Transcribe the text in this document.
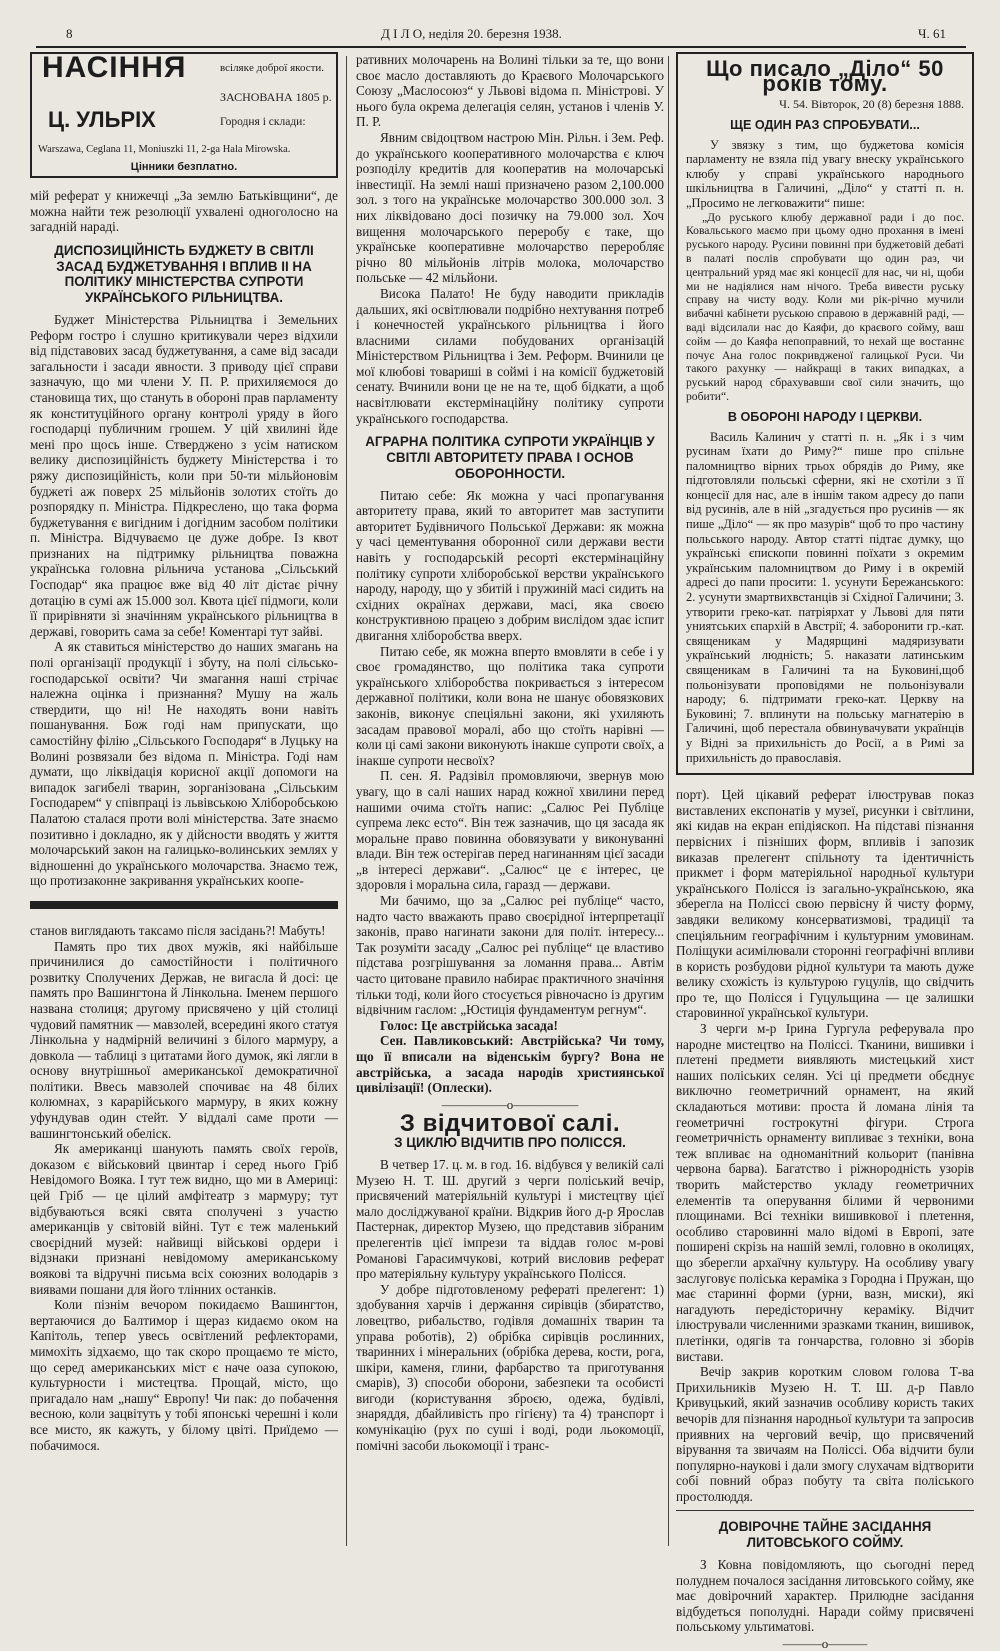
8	Д І Л О, неділя 20. березня 1938.	Ч. 61
НАСІННЯ	всілякe доброї якости.
ЗАСНОВАНА 1805 р.
Ц. УЛЬРІХ	Городня і склади:
Warszawa, Ceglana 11, Moniuszki 11, 2-ga Hala Mirowska.
Цінники безплатно.

мій реферат у книжечці „За землю Батьківщини“, де можна найти теж резолюції ухвалені одноголосно на загадній нараді.

ДИСПОЗИЦІЙНІСТЬ БУДЖЕТУ В СВІТЛІ ЗАСАД БУДЖЕТУВАННЯ І ВПЛИВ II НА ПОЛІТИКУ МІНІСТЕРСТВА СУПРОТИ УКРАЇНСЬКОГО РІЛЬНИЦТВА.

Буджет Міністерства Рільництва і Земельних Реформ гостро і слушно критикували через відхили від підставових засад буджетування, а саме від засади загальности і засади явности. З приводу цієї справи зазначую, що ми члени У. П. Р. прихиляємося до становища тих, що стануть в обороні прав парламенту як конституційного органу контролі уряду в його господарці публичним грошем. У цій хвилині йде мені про щось інше. Стверджено з усім натиском велику диспозиційність буджету Міністерства і то ряжу диспозиційність, коли при 50-ти мільйоновім буджеті аж поверх 25 мільйонів золотих стоїть до розпорядку п. Міністра. Підкреслено, що така форма буджетування є вигідним і догідним засобом політики п. Міністра. Відчуваємо це дуже добре. Із квот признаних на підтримку рільництва поважна українська головна рільнича установа „Сільський Господар“ яка працює вже від 40 літ дістає річну дотацію в сумі аж 15.000 зол. Квота цієї підмоги, коли її прирівняти зі значінням українського рільництва в державі, говорить сама за себе! Коментарі тут зайві.

А як ставиться міністерство до наших змагань на полі організації продукції і збуту, на полі сільсько-господарської освіти? Чи змагання наші стрічає належна оцінка і признання? Мушу на жаль ствердити, що ні! Не находять вони навіть пошанування. Бож годі нам припускати, що самостійну філію „Сільського Господаря“ в Луцьку на Волині розвязали без відома п. Міністра. Годі нам думати, що ліквідація корисної акції допомоги на випадок загибелі тварин, зорганізована „Сільським Господарем“ у співпраці із львівською Хліборобською Палатою сталася проти волі міністерства. Зате знаємо позитивно і докладно, як у дійсности вводять у життя молочарський закон на галицько-волинських землях у відношенні до українського молочарства. Знаємо теж, що протизаконне закривання українських коопе-

станов виглядають таксамо після засідань?! Мабуть!

Память про тих двох мужів, які найбільше причинилися до самостійности і політичного розвитку Сполучених Держав, не вигасла й досі: це память про Вашингтона й Лінкольна. Іменем першого названа столиця; другому присвячено у цій столиці чудовий памятник — мавзолей, всередині якого статуя Лінкольна у надмірній величині з білого мармуру, а довкола — таблиці з цитатами його думок, які лягли в основу внутрішньої американської демократичної політики. Ввесь мавзолей спочиває на 48 білих колюмнах, з карарійського мармуру, в яких кожну уфундував один стейт. У віддалі саме проти — вашингтонський обеліск.

Як американці шанують память своїх героїв, доказом є військовий цвинтар і серед нього Гріб Невідомого Вояка. І тут теж видно, що ми в Америці: цей Гріб — це цілий амфітеатр з мармуру; тут відбуваються всякі свята сполучені з участю американців у світовій війні. Тут є теж маленький своєрідний музей: найвищі військові ордери і відзнаки признані невідомому американському воякові та відручні письма всіх союзних володарів з виявами пошани для його тлінних останків.

Коли пізнім вечором покидаємо Вашингтон, вертаючися до Балтимор і щераз кидаємо оком на Капітоль, тепер увесь освітлений рефлекторами, мимохіть зідхаємо, що так скоро прощаємо те місто, що серед американських міст є наче оаза супокою, культурности і мистецтва. Прощай, місто, що пригадало нам „нашу“ Европу! Чи пак: до побачення весною, коли зацвітуть у тобі японські черешні і коли все мисто, як кажуть, у білому цвіті. Приїдемо — побачимося.

ративних молочарень на Волині тільки за те, що вони своє масло доставляють до Краєвого Молочарського Союзу „Маслосоюз“ у Львові відома п. Міністрові. У нього була окрема делегація селян, установ і членів У. П. Р.

Явним свідоцтвом настрою Мін. Рільн. і Зем. Реф. до українського кооперативного молочарства є ключ розподілу кредитів для кооператив на молочарські інвестиції. На землі наші призначено разом 2,100.000 зол. з того на українське молочарство 300.000 зол. З них ліквідовано досі позичку на 79.000 зол. Хоч вищення молочарського переробу є таке, що українське кооперативне молочарство переробляє річно 80 мільйонів літрів молока, молочарство польське — 42 мільйони.

Висока Палато! Не буду наводити прикладів дальших, які освітлювали подрібно нехтування потреб і конечностей українського рільництва і його власними силами побудованих організацій Міністерством Рільництва і Зем. Реформ. Вчинили це мої клюбові товариші в соймі і на комісії буджетовій сенату. Вчинили вони це не на те, щоб бідкати, а щоб насвітлювати екстермінаційну політику супроти українського господарства.

АГРАРНА ПОЛІТИКА СУПРОТИ УКРАЇНЦІВ У СВІТЛІ АВТОРИТЕТУ ПРАВА І ОСНОВ ОБОРОННОСТИ.

Питаю себе: Як можна у часі пропагування авторитету права, який то авторитет мав заступити авторитет Будівничого Польської Держави: як можна у часі цементування оборонної сили держави вести навіть у господарській ресорті екстермінаційну політику супроти хліборобської верстви українського народу, народу, що у збитій і пружиній масі сидить на східних окраїнах держави, масі, яка своєю конструктивною працею з добрим вислідом здає іспит двигання хліборобства вверх.

Питаю себе, як можна вперто вмовляти в себе і у своє громадянство, що політика така супроти українського хліборобства покривається з інтересом державної політики, коли вона не шанує обовязкових законів, виконує спеціяльні закони, які ухиляють засадам правової моралі, або що стоїть нарівні — коли ці самі закони виконують інакше супроти своїх, а інакше супроти несвоїх?

П. сен. Я. Радзівіл промовляючи, звернув мою увагу, що в салі наших нарад кожної хвилини перед нашими очима стоїть напис: „Салюс Реі Публіце супрема лекс есто“. Він теж зазначив, що ця засада як моральне право повинна обовязувати у виконуванні влади. Він теж остерігав перед нагинанням цієї засади „в інтересі держави“. „Салюс“ це є інтерес, це здоровля і моральна сила, гаразд — держави.

Ми бачимо, що за „Салюс реі публіце“ часто, надто часто вважають право своєрідної інтерпретації законів, право нагинати закони для політ. інтересу... Так розуміти засаду „Салюс реі публіце“ це властиво підстава розгрішування за ломання права... Автім часто цитоване правило набирає практичного значіння тільки тоді, коли його стосується рівночасно із другим відвічним гаслом: „Юстиція фундаментум регнум“.

Голос: Це австрійська засада!

Сен. Павликовський: Австрійська? Чи тому, що її вписали на віденськім бургу? Вона не австрійська, а засада народів християнської цивілізації! (Оплески).

—————о—————
З відчитової салі.
З ЦИКЛЮ ВІДЧИТІВ ПРО ПОЛІССЯ.

В четвер 17. ц. м. в год. 16. відбувся у великій салі Музею Н. Т. Ш. другий з черги полiський вечір, присвячений матеріяльній культурі і мистецтву цієї мало досліджуваної країни. Відкрив його д-р Ярослав Пастернак, директор Музею, що представив зібраним прелегентів цієї імпрези та віддав голос м-рові Романові Гарасимчукові, котрий висловив реферат про матеріяльну культуру українського Полісся.

У добре підготовленому рефераті прелегент: 1) здобування харчів і держання сирівців (збиратство, ловецтво, рибальство, годівля домашніх тварин та управа роботів), 2) обрібка сирівців рослинних, тваринних і мінеральних (обрібка дерева, кости, рога, шкіри, каменя, глини, фарбарство та приготування смарів), 3) способи оборони, забезпеки та особисті вигоди (користування зброєю, одежа, будівлі, знаряддя, дбайливість про гігієну) та 4) транспорт і комунікацію (рух по суші і воді, роди льокомоції, помічні засоби льокомоції і транс-

Що писало „Діло“ 50 років тому.
Ч. 54. Вівторок, 20 (8) березня 1888.
ЩЕ ОДИН РАЗ СПРОБУВАТИ...

У звязку з тим, що буджетова комісія парламенту не взяла під увагу внеску українського клюбу у справі українського народнього шкільництва в Галичині, „Діло“ у статті п. н. „Просимо не легковажити“ пише:

„До руського клюбу державної ради і до пос. Ковальського маємо при цьому одно прохання в імені руського народу. Русини повинні при буджетовій дебаті в палаті послів спробувати що один раз, чи центральний уряд має які концесії для нас, чи ні, щоби ми не надіялися нам нічого. Треба вивести руську справу на чисту воду. Коли ми рік-річно мучили вибачні кабінети руською справою в державній раді, — ваді відсилали нас до Каяфи, до краєвого сойму, ваш сойм — до Каяфа непоправний, то нехай ще востаннє почує Ана голос покривдженої галицької Руси. Чи такого рахунку — найкращі в таких випадках, а руський народ сбрахувавши свої сили значить, що робити“.

В ОБОРОНІ НАРОДУ І ЦЕРКВИ.

Василь Калинич у статті п. н. „Як і з чим русинам їхати до Риму?“ пише про спільне паломництво вірних трьох обрядів до Риму, яке підготовляли польські сферни, які не схотіли з її концесії для нас, але в іншім таком адресу до папи від русинів, але в ній „згадується про русинів — як пише „Діло“ — як про мазурів“ щоб то про частину польського народу. Автор статті підтає думку, що українські єпископи повинні поїхати з окремим українським паломництвом до Риму і в окремій адресі до папи просити: 1. усунути Бережанського: 2. усунути змартвихвстанців зі Східної Галичини; 3. утворити греко-кат. патріярхат у Львові для пяти униятських єпархій в Австрії; 4. заборонити гр.-кат. священикам у Мадярщині мадяризувати український людність; 5. наказати латинським священикам в Галичині та на Буковині,щоб польонізувати проповідями не польонізували народу; 6. підтримати греко-кат. Церкву на Буковині; 7. вплинути на польську магнатерію в Галичині, щоб перестала обвинувачувати українців у Відні за прихильність до Росії, а в Римі за прихильність до православія.

порт). Цей цікавий реферат ілюстрував показ виставлених експонатів у музеї, рисунки і світлини, які кидав на екран епідіяскоп. На підставі пізнання первісних і пізніших форм, впливів і запозик виказав прелегент спільноту та ідентичність прикмет і форм матеріяльної народньої культури українського Полісся із загально-українською, яка зберегла на Поліссі свою первісну й чисту форму, завдяки великому консерватизмові, традиції та спеціяльним географічним і культурним умовинам. Поліщуки асимілювали сторонні географічні впливи в користь розбудови рідної культури та мають дуже велику схожість із культурою гуцулів, що свідчить про те, що Полісся і Гуцульщина — це залишки старовинної української культури.

З черги м-р Ірина Гургула реферувала про народне мистецтво на Поліссі. Тканини, вишивки і плетені предмети виявляють мистецький хист наших поліських селян. Усі ці предмети обєднує виключно геометричний орнамент, на який складаються мотиви: проста й ломана лінія та геометричні гострокутні фігури. Строга геометричність орнаменту випливає з техніки, вона теж впливає на одноманітний кольорит (панівна червона барва). Багатство і ріжнородність узорів творить майстерство укладу геометричних елементів та оперування білими й червоними площинами. Всі техніки вишивкової і плетення, особливо старовинні мало відомі в Европі, зате поширені скрізь на нашій землі, головно в околицях, що зберегли архаїчну культуру. На особливу увагу заслуговує поліська кераміка з Городна і Пружан, що має старинні форми (урни, вазн, миски), які нагадують передісторичну кераміку. Відчит ілюстрували численними зразками тканин, вишивок, плетінки, одягів та гончарства, головно зі зборів вистави.

Вечір закрив коротким словом голова Т-ва Прихильників Музею Н. Т. Ш. д-р Павло Кривуцький, який зазначив особливу користь таких вечорів для пізнання народньої культури та запросив приявних на черговий вечір, що присвячений вірування та звичаям на Поліссі. Оба відчити були популярно-науковi і дали змогу слухачам відтворити собі повний образ побуту та світа поліського простолюддя.

ДОВІРОЧНЕ ТАЙНЕ ЗАСІДАННЯ ЛИТОВСЬКОГО СОЙМУ.

З Ковна повідомляють, що сьогодні перед полуднем почалося засідання литовського сойму, яке має довірочний характер. Прилюдне засідання відбудеться пополудні. Наради сойму присвячені польському ультиматові.

———о———
